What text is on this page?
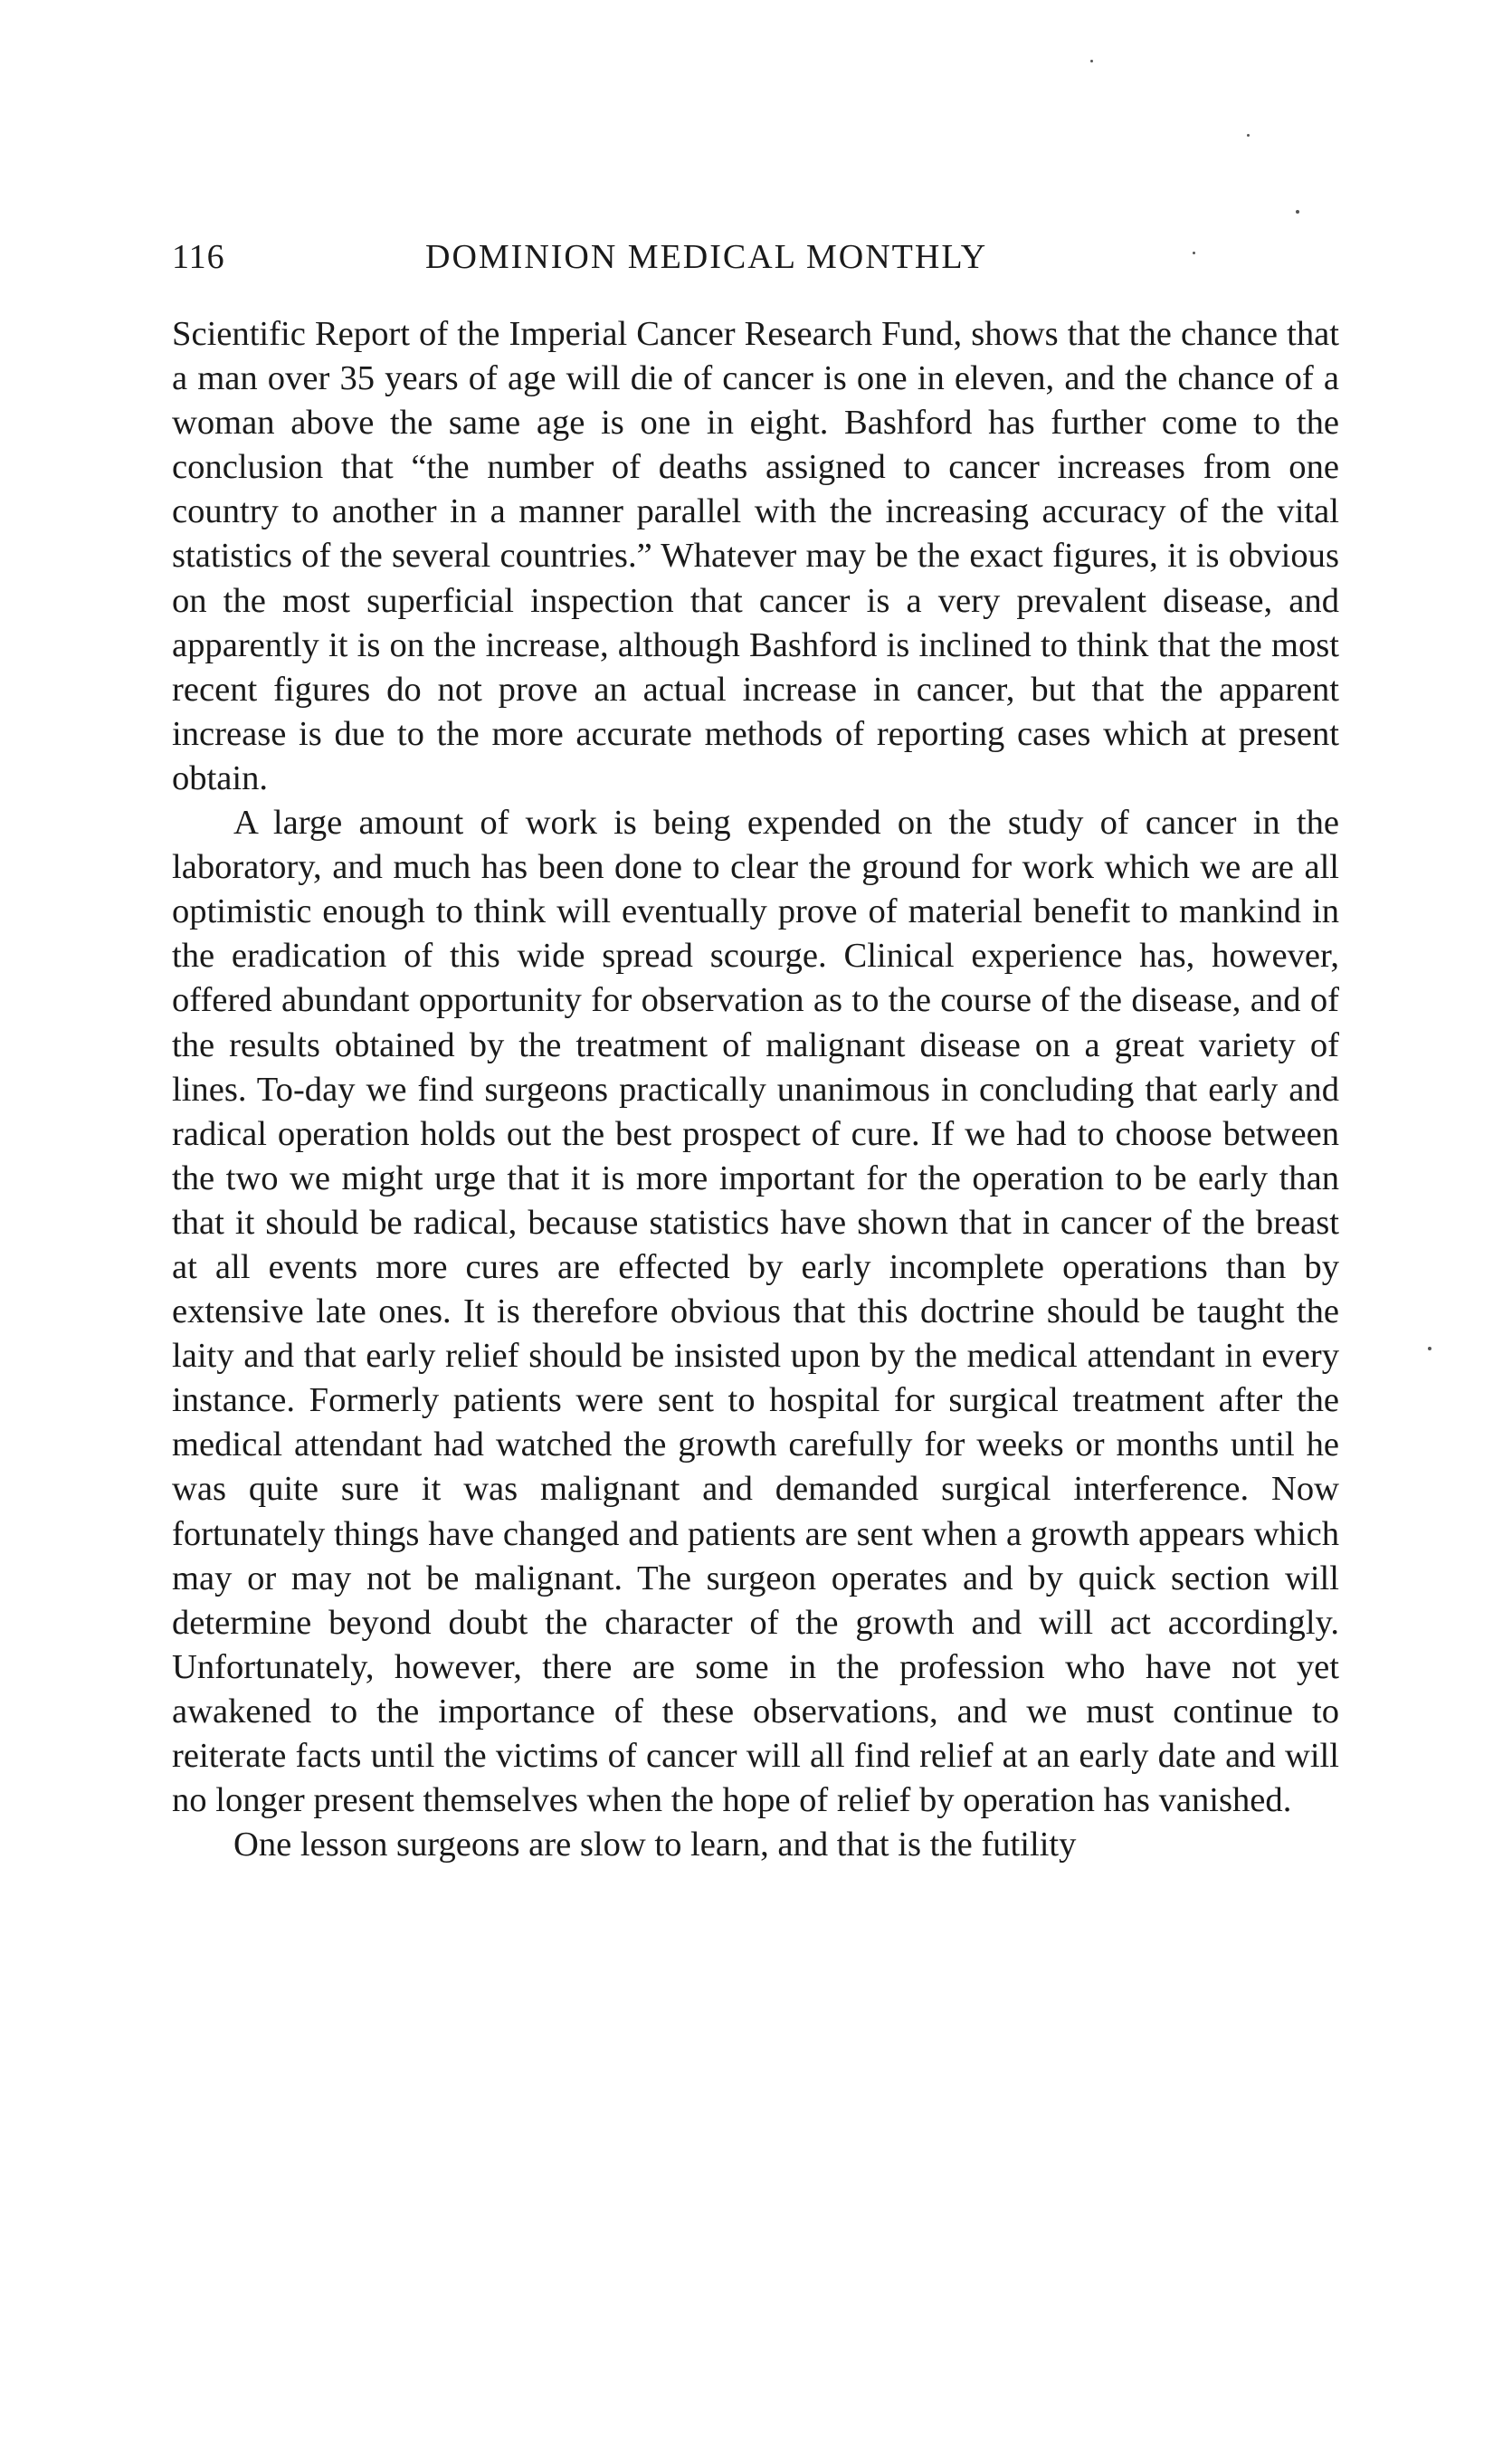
116	DOMINION MEDICAL MONTHLY

Scientific Report of the Imperial Cancer Research Fund, shows that the chance that a man over 35 years of age will die of cancer is one in eleven, and the chance of a woman above the same age is one in eight. Bashford has further come to the conclusion that “the number of deaths assigned to cancer increases from one country to another in a manner parallel with the increasing accuracy of the vital statistics of the several countries.” Whatever may be the exact figures, it is obvious on the most superficial inspection that cancer is a very prevalent disease, and apparently it is on the increase, although Bashford is inclined to think that the most recent figures do not prove an actual increase in cancer, but that the apparent increase is due to the more accurate methods of reporting cases which at present obtain.

A large amount of work is being expended on the study of cancer in the laboratory, and much has been done to clear the ground for work which we are all optimistic enough to think will eventually prove of material benefit to mankind in the eradication of this wide spread scourge. Clinical experience has, however, offered abundant opportunity for observation as to the course of the disease, and of the results obtained by the treatment of malignant disease on a great variety of lines. To-day we find surgeons practically unanimous in concluding that early and radical operation holds out the best prospect of cure. If we had to choose between the two we might urge that it is more important for the operation to be early than that it should be radical, because statistics have shown that in cancer of the breast at all events more cures are effected by early incomplete operations than by extensive late ones. It is therefore obvious that this doctrine should be taught the laity and that early relief should be insisted upon by the medical attendant in every instance. Formerly patients were sent to hospital for surgical treatment after the medical attendant had watched the growth carefully for weeks or months until he was quite sure it was malignant and demanded surgical interference. Now fortunately things have changed and patients are sent when a growth appears which may or may not be malignant. The surgeon operates and by quick section will determine beyond doubt the character of the growth and will act accordingly. Unfortunately, however, there are some in the profession who have not yet awakened to the importance of these observations, and we must continue to reiterate facts until the victims of cancer will all find relief at an early date and will no longer present themselves when the hope of relief by operation has vanished.

One lesson surgeons are slow to learn, and that is the futility
